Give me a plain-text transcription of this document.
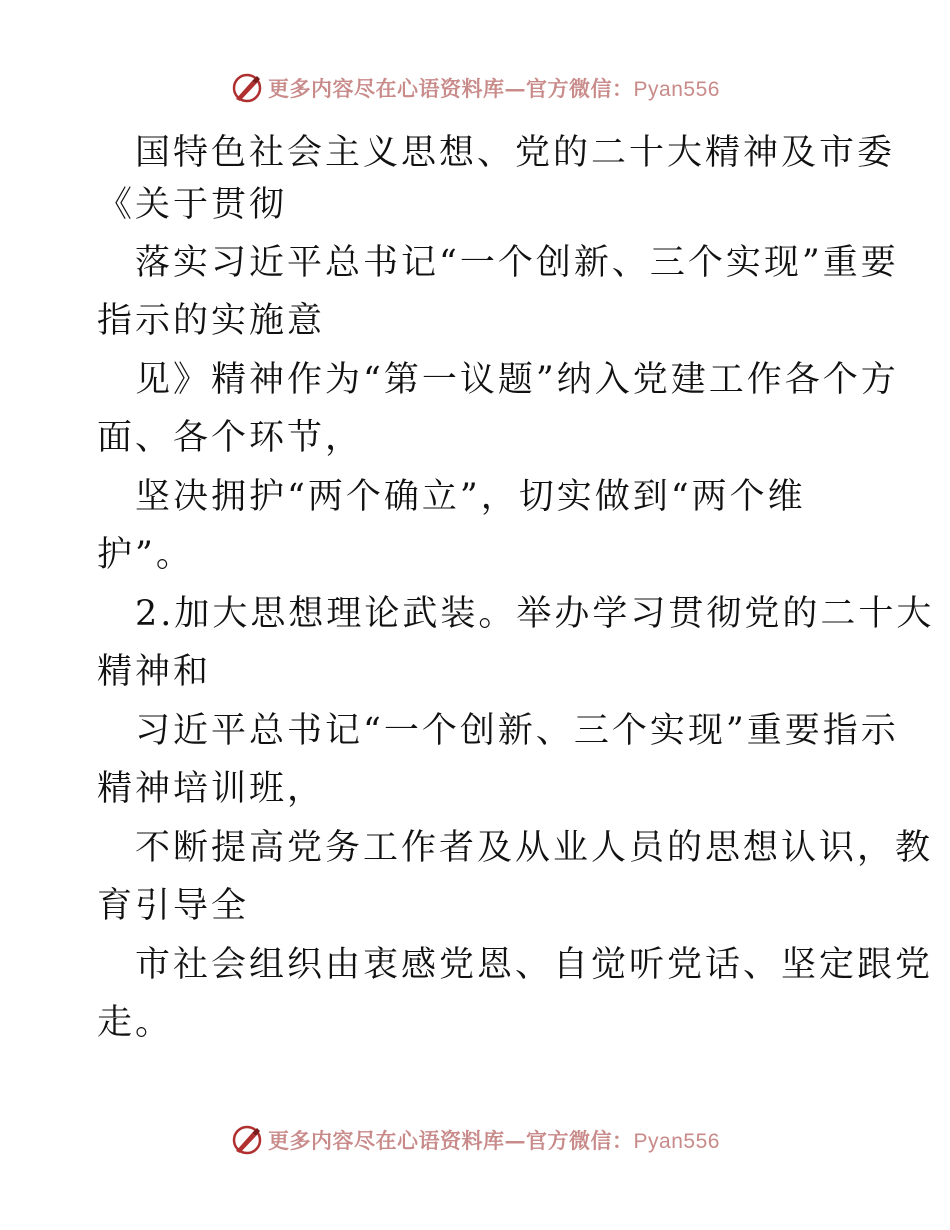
更多内容尽在心语资料库—官方微信：Pyan556
国特色社会主义思想、党的二十大精神及市委
《关于贯彻
落实习近平总书记“一个创新、三个实现”重要
指示的实施意
见》精神作为“第一议题”纳入党建工作各个方
面、各个环节，
坚决拥护“两个确立”，切实做到“两个维
护”。
2.加大思想理论武装。举办学习贯彻党的二十大
精神和
习近平总书记“一个创新、三个实现”重要指示
精神培训班，
不断提高党务工作者及从业人员的思想认识，教
育引导全
市社会组织由衷感党恩、自觉听党话、坚定跟党
走。
更多内容尽在心语资料库—官方微信：Pyan556
